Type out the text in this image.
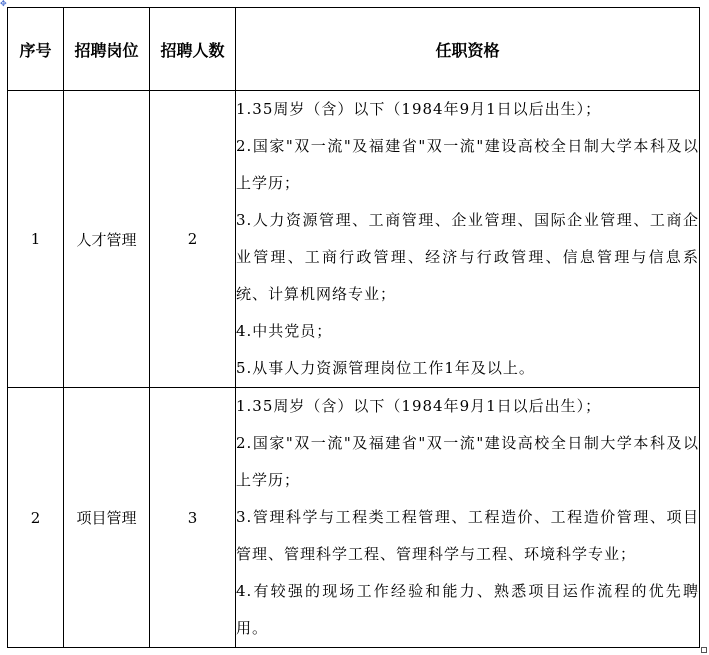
✥
序号	招聘岗位	招聘人数	任职资格
1	人才管理	2	1.35周岁（含）以下（1984年9月1日以后出生）；
2.国家"双一流"及福建省"双一流"建设高校全日制大学本科及以上学历；
3.人力资源管理、工商管理、企业管理、国际企业管理、工商企业管理、工商行政管理、经济与行政管理、信息管理与信息系统、计算机网络专业；
4.中共党员；
5.从事人力资源管理岗位工作1年及以上。

2	项目管理	3	1.35周岁（含）以下（1984年9月1日以后出生）；
2.国家"双一流"及福建省"双一流"建设高校全日制大学本科及以上学历；
3.管理科学与工程类工程管理、工程造价、工程造价管理、项目管理、管理科学工程、管理科学与工程、环境科学专业；
4.有较强的现场工作经验和能力、熟悉项目运作流程的优先聘用。
